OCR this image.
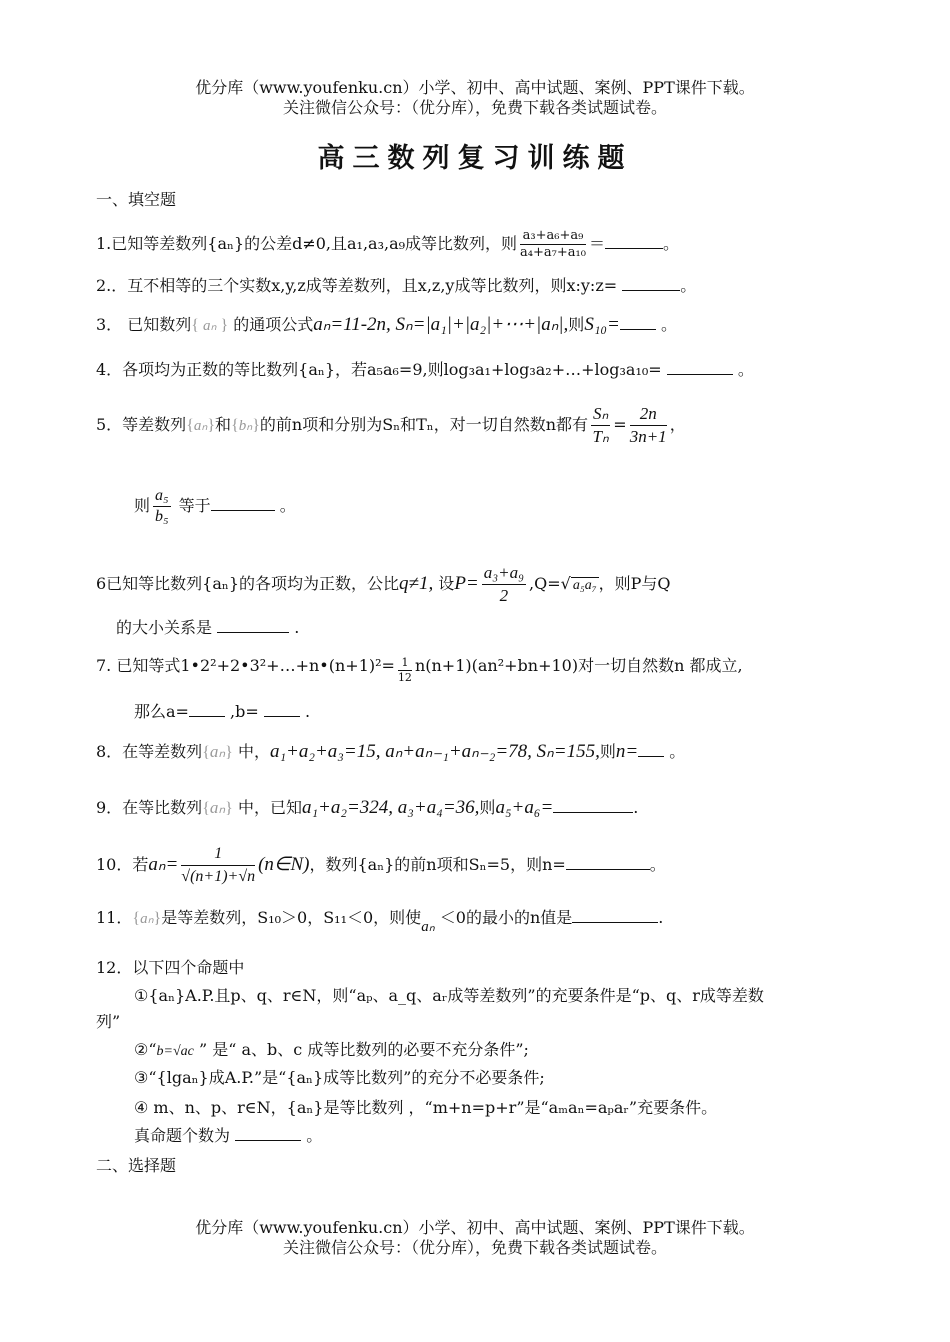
优分库（www.youfenku.cn）小学、初中、高中试题、案例、PPT课件下载。
关注微信公众号：（优分库），免费下载各类试题试卷。
高三数列复习训练题
一、填空题
1.已知等差数列{aₙ}的公差d≠0,且a₁,a₃,a₉成等比数列，则 $\frac{\text{a₃+a₆+a₉}}{\text{a₄+a₇+a₁₀}}$ ＝	。
2.．互不相等的三个实数x,y,z成等差数列，且x,z,y成等比数列，则x:y:z=	。
3． 已知数列{ aₙ } 的通项公式aₙ=11-2n, Sₙ=|a₁|+|a₂|+⋯+|aₙ|,则S₁₀=	。
4．各项均为正数的等比数列{aₙ}，若a₅a₆=9,则log₃a₁+log₃a₂+…+log₃a₁₀=	。
5．等差数列{aₙ}和{bₙ}的前n项和分别为Sₙ和Tₙ，对一切自然数n都有 $\frac{\text{Sₙ}}{\text{Tₙ}} = \frac{2n}{3n+1}$ ，
则 $\frac{\text{a₅}}{\text{b₅}}$ 等于	。
6已知等比数列{aₙ}的各项均为正数，公比q≠1, 设$P= \frac{\text{a₃+a₉}}{2} ,Q=√$ a₅a₇ ，则P与Q
的大小关系是	.
7. 已知等式1•2²+2•3²+…+n•(n+1)²= $\frac{1}{12} n(n+1)(an^2+bn+10)$对一切自然数n 都成立,
那么a=	,b=	.
8．在等差数列{aₙ} 中，a₁+a₂+a₃=15, aₙ+aₙ₋₁+aₙ₋₂=78, Sₙ=155,则n= 。
9．在等比数列{aₙ} 中，已知a₁+a₂=324, a₃+a₄=36,则a₅+a₆=	.
10．若$a_n= \frac{1}{√(n+1)+√n}$ (n∈N)，数列{aₙ}的前n项和Sₙ=5，则n=	。
11．{aₙ}是等差数列，S₁₀＞0，S₁₁＜0，则使aₙ ＜0的最小的n值是	.
12．以下四个命题中
①{aₙ}A.P.且p、q、r∈N，则“aₚ、a_q、aᵣ成等差数列”的充要条件是“p、q、r成等差数
列”
②“b=√ac ” 是“ a、b、c 成等比数列的必要不充分条件”;
③“{lgaₙ}成A.P.”是“{aₙ}成等比数列”的充分不必要条件;
④ m、n、p、r∈N，{aₙ}是等比数列 ，“m+n=p+r”是“aₘaₙ=aₚaᵣ”充要条件。
真命题个数为	。
二、选择题
优分库（www.youfenku.cn）小学、初中、高中试题、案例、PPT课件下载。
关注微信公众号：（优分库），免费下载各类试题试卷。
